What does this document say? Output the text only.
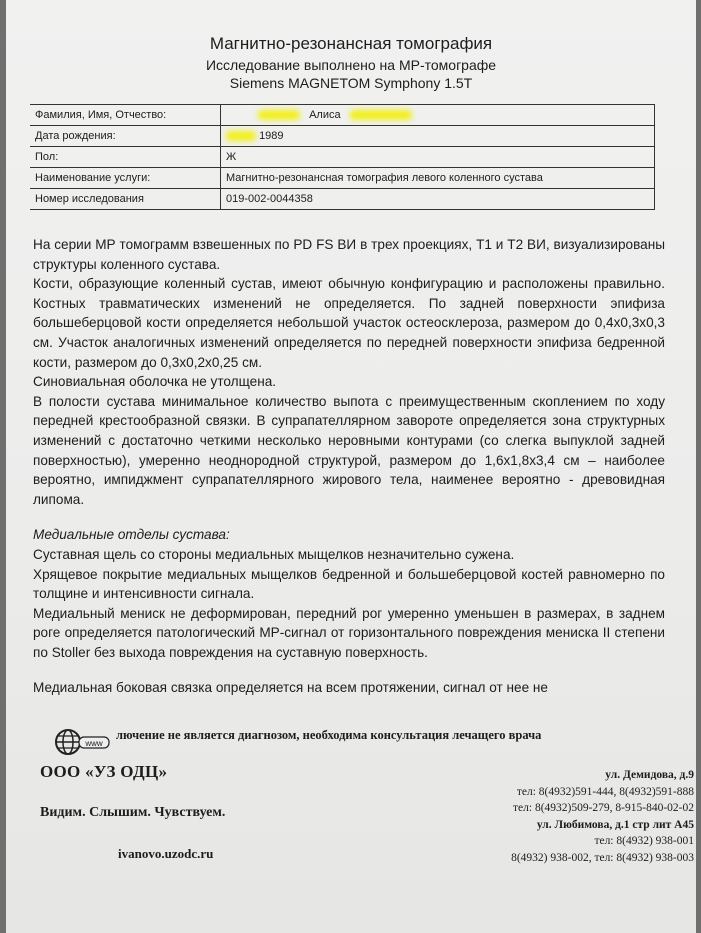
Магнитно-резонансная томография
Исследование выполнено на МР-томографе
Siemens MAGNETOM Symphony 1.5T
Фамилия, Имя, Отчество:	Алиса
Дата рождения:	1989
Пол:	Ж
Наименование услуги:	Магнитно-резонансная томография левого коленного сустава
Номер исследования	019-002-0044358

На серии МР томограмм взвешенных по PD FS ВИ в трех проекциях, Т1 и Т2 ВИ, визуализированы структуры коленного сустава.

Кости, образующие коленный сустав, имеют обычную конфигурацию и расположены правильно. Костных травматических изменений не определяется. По задней поверхности эпифиза большеберцовой кости определяется небольшой участок остеосклероза, размером до 0,4х0,3х0,3 см. Участок аналогичных изменений определяется по передней поверхности эпифиза бедренной кости, размером до 0,3х0,2х0,25 см.

Синовиальная оболочка не утолщена.

В полости сустава минимальное количество выпота с преимущественным скоплением по ходу передней крестообразной связки. В супрапателлярном завороте определяется зона структурных изменений с достаточно четкими несколько неровными контурами (со слегка выпуклой задней поверхностью), умеренно неоднородной структурой, размером до 1,6х1,8х3,4 см – наиболее вероятно, импиджмент супрапателлярного жирового тела, наименее вероятно - древовидная липома.

Медиальные отделы сустава:

Суставная щель со стороны медиальных мыщелков незначительно сужена.

Хрящевое покрытие медиальных мыщелков бедренной и большеберцовой костей равномерно по толщине и интенсивности сигнала.

Медиальный мениск не деформирован, передний рог умеренно уменьшен в размерах, в заднем роге определяется патологический МР-сигнал от горизонтального повреждения мениска II степени по Stoller без выхода повреждения на суставную поверхность.

Медиальная боковая связка определяется на всем протяжении, сигнал от нее не

www
лючение не является диагнозом, необходима консультация лечащего врача
ООО «УЗ ОДЦ»
Видим. Слышим. Чувствуем.
ivanovo.uzodc.ru
ул. Демидова, д.9
тел: 8(4932)591-444, 8(4932)591-888
тел: 8(4932)509-279, 8-915-840-02-02
ул. Любимова, д.1 стр лит А45
тел: 8(4932) 938-001
8(4932) 938-002, тел: 8(4932) 938-003
